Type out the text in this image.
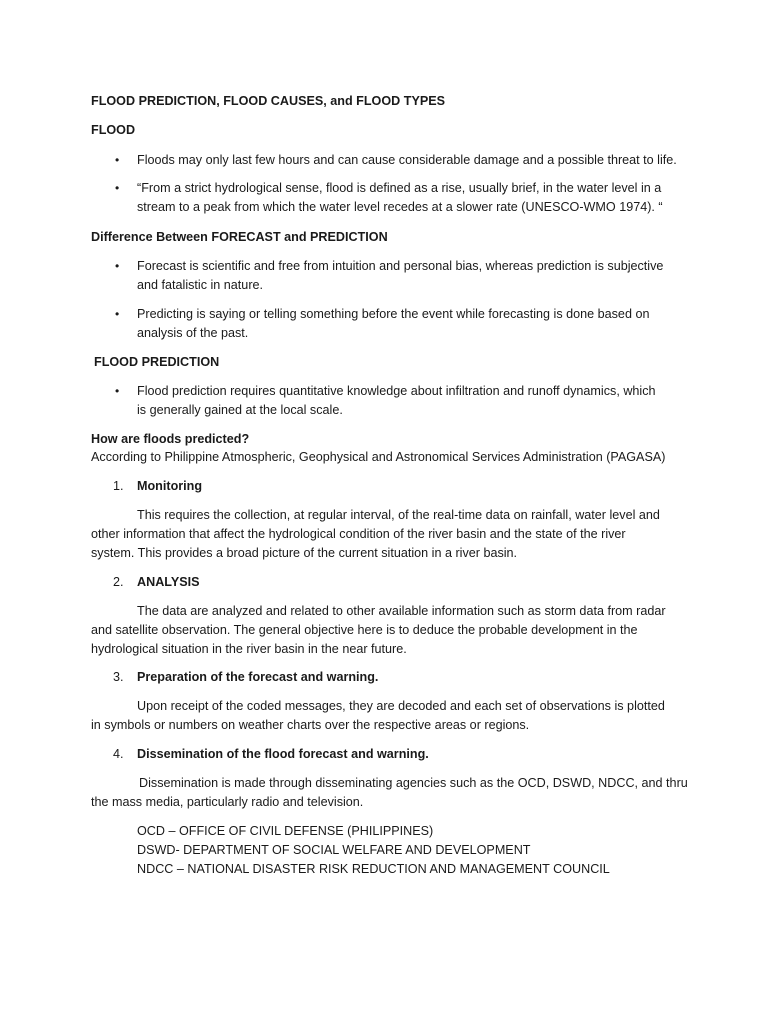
FLOOD PREDICTION, FLOOD CAUSES, and FLOOD TYPES
FLOOD
• Floods may only last few hours and can cause considerable damage and a possible threat to life.
• “From a strict hydrological sense, flood is defined as a rise, usually brief, in the water level in a
stream to a peak from which the water level recedes at a slower rate (UNESCO-WMO 1974). “
Difference Between FORECAST and PREDICTION
• Forecast is scientific and free from intuition and personal bias, whereas prediction is subjective
and fatalistic in nature.
• Predicting is saying or telling something before the event while forecasting is done based on
analysis of the past.
FLOOD PREDICTION
• Flood prediction requires quantitative knowledge about infiltration and runoff dynamics, which
is generally gained at the local scale.
How are floods predicted?
According to Philippine Atmospheric, Geophysical and Astronomical Services Administration (PAGASA)
1. Monitoring
This requires the collection, at regular interval, of the real-time data on rainfall, water level and
other information that affect the hydrological condition of the river basin and the state of the river
system. This provides a broad picture of the current situation in a river basin.
2. ANALYSIS
The data are analyzed and related to other available information such as storm data from radar
and satellite observation. The general objective here is to deduce the probable development in the
hydrological situation in the river basin in the near future.
3. Preparation of the forecast and warning.
Upon receipt of the coded messages, they are decoded and each set of observations is plotted
in symbols or numbers on weather charts over the respective areas or regions.
4. Dissemination of the flood forecast and warning.
Dissemination is made through disseminating agencies such as the OCD, DSWD, NDCC, and thru
the mass media, particularly radio and television.
OCD – OFFICE OF CIVIL DEFENSE (PHILIPPINES)
DSWD- DEPARTMENT OF SOCIAL WELFARE AND DEVELOPMENT
NDCC – NATIONAL DISASTER RISK REDUCTION AND MANAGEMENT COUNCIL
